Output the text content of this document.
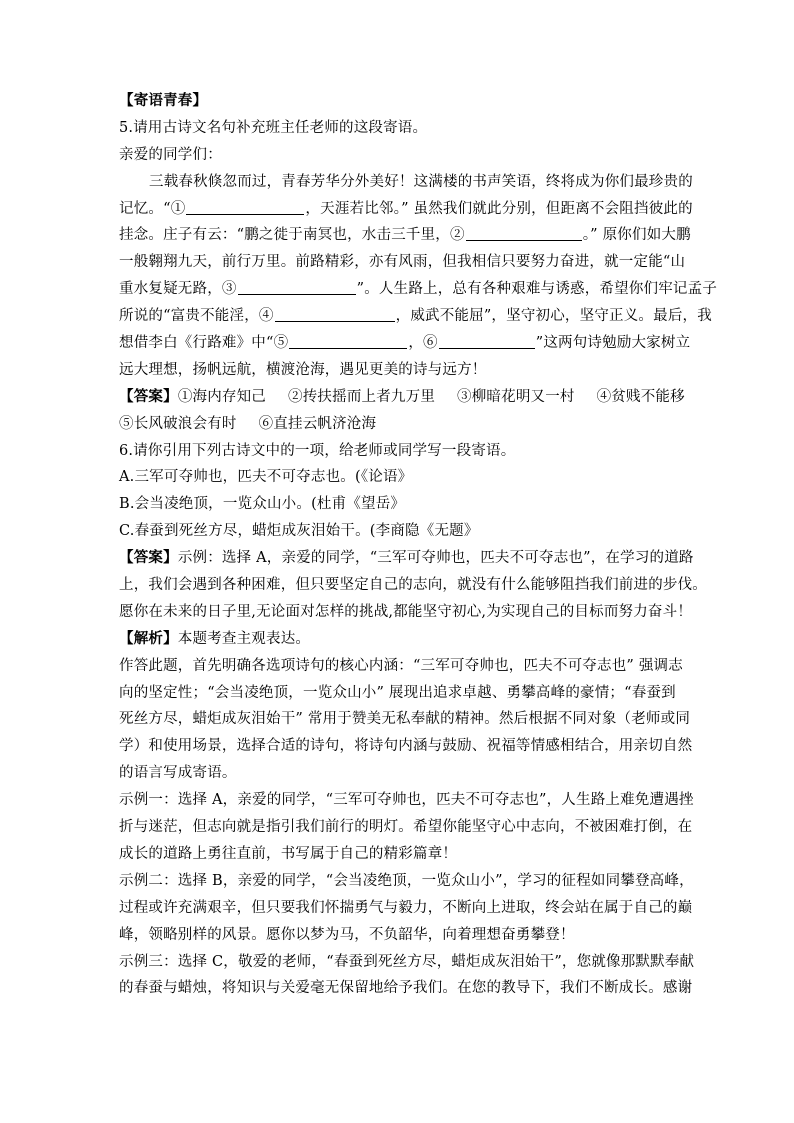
【寄语青春】
5.请用古诗文名句补充班主任老师的这段寄语。
亲爱的同学们：
三载春秋倏忽而过，青春芳华分外美好！这满楼的书声笑语，终将成为你们最珍贵的
记忆。“①	，天涯若比邻。” 虽然我们就此分别，但距离不会阻挡彼此的
挂念。庄子有云：“鹏之徙于南冥也，水击三千里，②	。” 原你们如大鹏
一般翱翔九天，前行万里。前路精彩，亦有风雨，但我相信只要努力奋进，就一定能“山
重水复疑无路，③	”。人生路上，总有各种艰难与诱惑，希望你们牢记孟子
所说的“富贵不能淫，④	，威武不能屈”，坚守初心，坚守正义。最后，我
想借李白《行路难》中“⑤	，⑥	”这两句诗勉励大家树立
远大理想，扬帆远航，横渡沧海，遇见更美的诗与远方！
【答案】①海内存知己 ②抟扶摇而上者九万里 ③柳暗花明又一村 ④贫贱不能移
⑤长风破浪会有时 ⑥直挂云帆济沧海
6.请你引用下列古诗文中的一项，给老师或同学写一段寄语。
A.三军可夺帅也，匹夫不可夺志也。(《论语》
B.会当凌绝顶，一览众山小。(杜甫《望岳》
C.春蚕到死丝方尽，蜡炬成灰泪始干。(李商隐《无题》
【答案】示例：选择 A，亲爱的同学，“三军可夺帅也，匹夫不可夺志也”，在学习的道路
上，我们会遇到各种困难，但只要坚定自己的志向，就没有什么能够阻挡我们前进的步伐。
愿你在未来的日子里,无论面对怎样的挑战,都能坚守初心,为实现自己的目标而努力奋斗！
【解析】本题考查主观表达。
作答此题，首先明确各选项诗句的核心内涵：“三军可夺帅也，匹夫不可夺志也” 强调志
向的坚定性；“会当凌绝顶，一览众山小” 展现出追求卓越、勇攀高峰的豪情；“春蚕到
死丝方尽，蜡炬成灰泪始干” 常用于赞美无私奉献的精神。然后根据不同对象（老师或同
学）和使用场景，选择合适的诗句，将诗句内涵与鼓励、祝福等情感相结合，用亲切自然
的语言写成寄语。
示例一：选择 A，亲爱的同学，“三军可夺帅也，匹夫不可夺志也”，人生路上难免遭遇挫
折与迷茫，但志向就是指引我们前行的明灯。希望你能坚守心中志向，不被困难打倒，在
成长的道路上勇往直前，书写属于自己的精彩篇章！
示例二：选择 B，亲爱的同学，“会当凌绝顶，一览众山小”，学习的征程如同攀登高峰，
过程或许充满艰辛，但只要我们怀揣勇气与毅力，不断向上进取，终会站在属于自己的巅
峰，领略别样的风景。愿你以梦为马，不负韶华，向着理想奋勇攀登！
示例三：选择 C，敬爱的老师，“春蚕到死丝方尽，蜡炬成灰泪始干”，您就像那默默奉献
的春蚕与蜡烛，将知识与关爱毫无保留地给予我们。在您的教导下，我们不断成长。感谢
